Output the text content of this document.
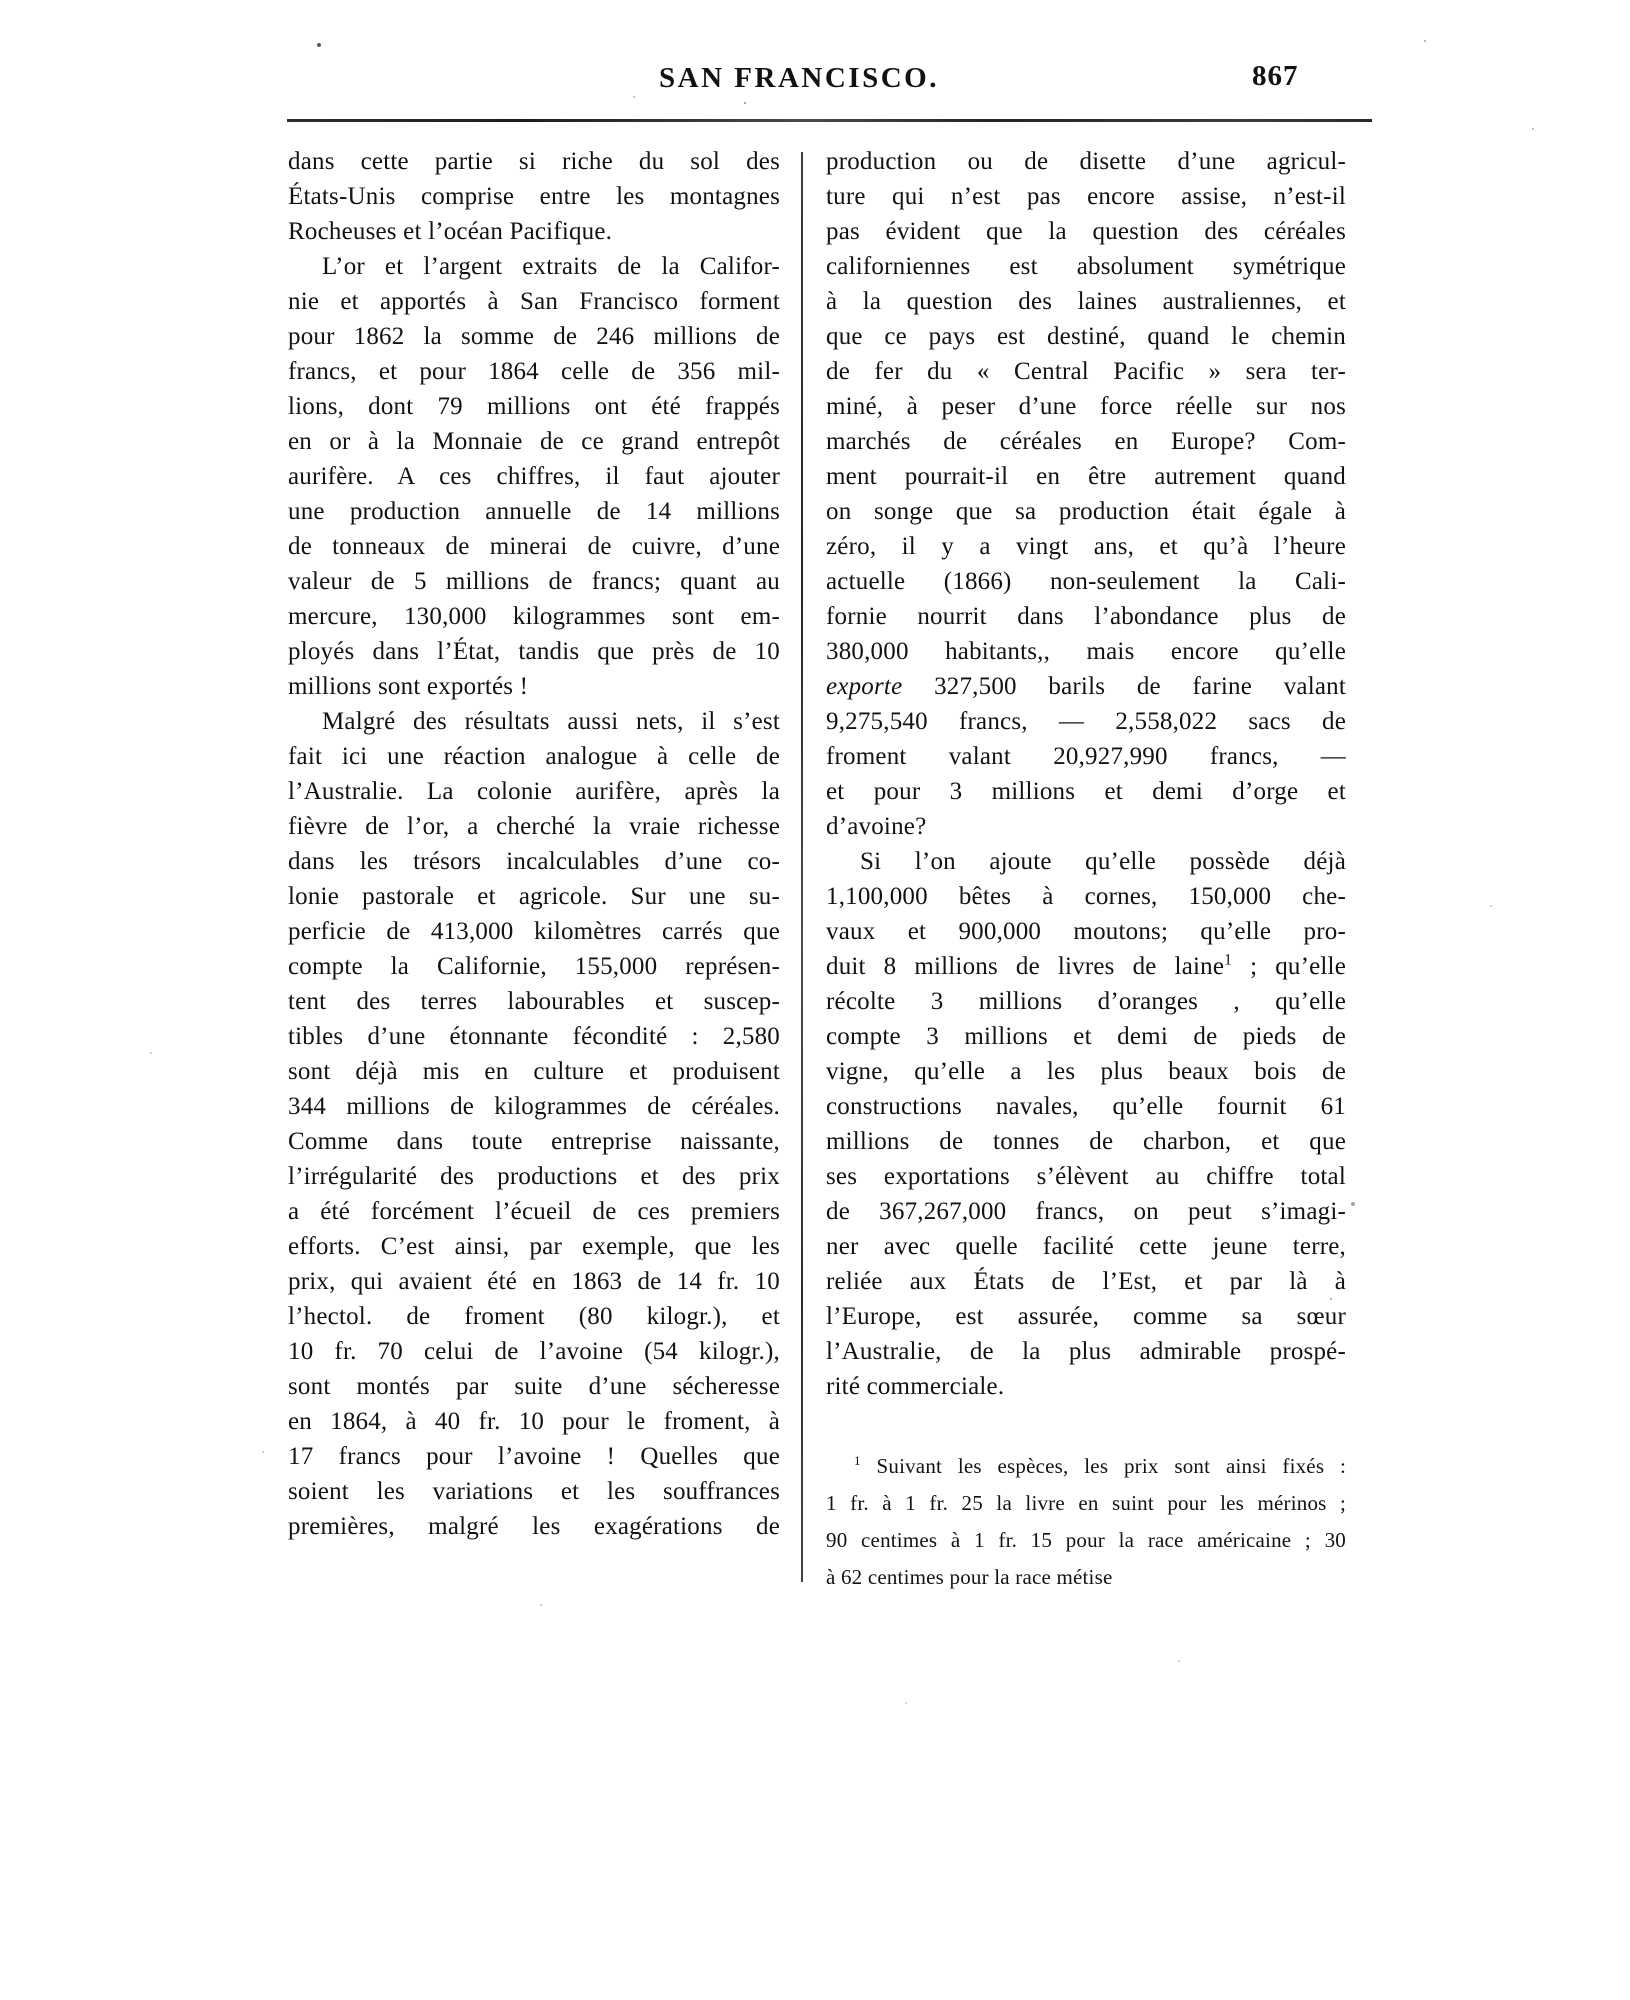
SAN FRANCISCO.	867
dans cette partie si riche du sol des
États-Unis comprise entre les montagnes
Rocheuses et l’océan Pacifique.
L’or et l’argent extraits de la Califor-
nie et apportés à San Francisco forment
pour 1862 la somme de 246 millions de
francs, et pour 1864 celle de 356 mil-
lions, dont 79 millions ont été frappés
en or à la Monnaie de ce grand entrepôt
aurifère. A ces chiffres, il faut ajouter
une production annuelle de 14 millions
de tonneaux de minerai de cuivre, d’une
valeur de 5 millions de francs; quant au
mercure, 130,000 kilogrammes sont em-
ployés dans l’État, tandis que près de 10
millions sont exportés !
Malgré des résultats aussi nets, il s’est
fait ici une réaction analogue à celle de
l’Australie. La colonie aurifère, après la
fièvre de l’or, a cherché la vraie richesse
dans les trésors incalculables d’une co-
lonie pastorale et agricole. Sur une su-
perficie de 413,000 kilomètres carrés que
compte la Californie, 155,000 représen-
tent des terres labourables et suscep-
tibles d’une étonnante fécondité : 2,580
sont déjà mis en culture et produisent
344 millions de kilogrammes de céréales.
Comme dans toute entreprise naissante,
l’irrégularité des productions et des prix
a été forcément l’écueil de ces premiers
efforts. C’est ainsi, par exemple, que les
prix, qui avaient été en 1863 de 14 fr. 10
l’hectol. de froment (80 kilogr.), et
10 fr. 70 celui de l’avoine (54 kilogr.),
sont montés par suite d’une sécheresse
en 1864, à 40 fr. 10 pour le froment, à
17 francs pour l’avoine ! Quelles que
soient les variations et les souffrances
premières, malgré les exagérations de
production ou de disette d’une agricul-
ture qui n’est pas encore assise, n’est-il
pas évident que la question des céréales
californiennes est absolument symétrique
à la question des laines australiennes, et
que ce pays est destiné, quand le chemin
de fer du « Central Pacific » sera ter-
miné, à peser d’une force réelle sur nos
marchés de céréales en Europe? Com-
ment pourrait-il en être autrement quand
on songe que sa production était égale à
zéro, il y a vingt ans, et qu’à l’heure
actuelle (1866) non-seulement la Cali-
fornie nourrit dans l’abondance plus de
380,000 habitants,, mais encore qu’elle
exporte 327,500 barils de farine valant
9,275,540 francs, — 2,558,022 sacs de
froment valant 20,927,990 francs, —
et pour 3 millions et demi d’orge et
d’avoine?
Si l’on ajoute qu’elle possède déjà
1,100,000 bêtes à cornes, 150,000 che-
vaux et 900,000 moutons; qu’elle pro-
duit 8 millions de livres de laine$^1$ ; qu’elle
récolte 3 millions d’oranges , qu’elle
compte 3 millions et demi de pieds de
vigne, qu’elle a les plus beaux bois de
constructions navales, qu’elle fournit 61
millions de tonnes de charbon, et que
ses exportations s’élèvent au chiffre total
de 367,267,000 francs, on peut s’imagi-
ner avec quelle facilité cette jeune terre,
reliée aux États de l’Est, et par là à
l’Europe, est assurée, comme sa sœur
l’Australie, de la plus admirable prospé-
rité commerciale.
$^1$ Suivant les espèces, les prix sont ainsi fixés :
1 fr. à 1 fr. 25 la livre en suint pour les mérinos ;
90 centimes à 1 fr. 15 pour la race américaine ; 30
à 62 centimes pour la race métise
